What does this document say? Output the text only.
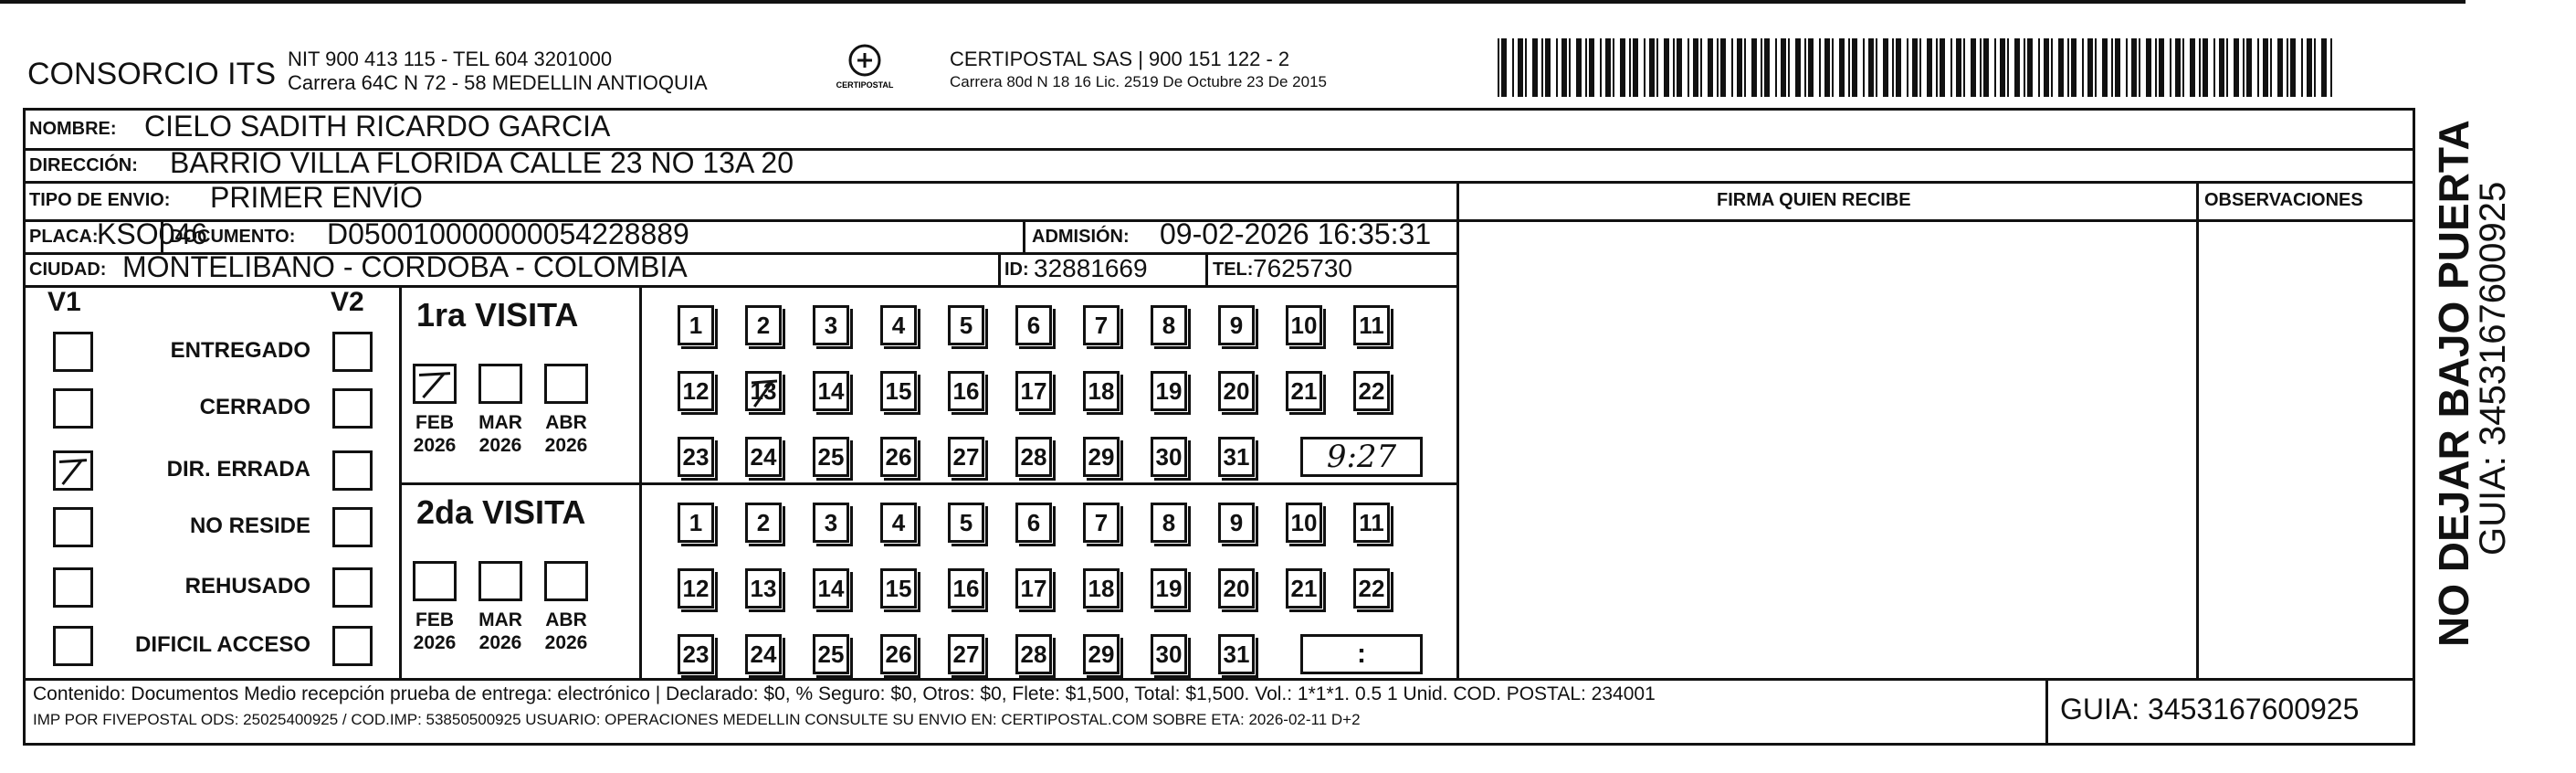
CONSORCIO ITS NIT 900 413 115 - TEL 604 3201000
Carrera 64C N 72 - 58 MEDELLIN ANTIOQUIA	CERTIPOSTAL
CERTIPOSTAL SAS | 900 151 122 - 2
Carrera 80d N 18 16 Lic. 2519 De Octubre 23 De 2015
NOMBRE: CIELO SADITH RICARDO GARCIA
DIRECCIÓN: BARRIO VILLA FLORIDA CALLE 23 NO 13A 20
TIPO DE ENVIO: PRIMER ENVÍO	FIRMA QUIEN RECIBE	OBSERVACIONES
PLACA:
KSO046
DOCUMENTO: D050010000000054228889	ADMISIÓN: 09-02-2026 16:35:31
CIUDAD: MONTELIBANO - CORDOBA - COLOMBIA	ID: 32881669	TEL: 7625730
V1	V2
ENTREGADO
CERRADO
DIR. ERRADA
NO RESIDE
REHUSADO
DIFICIL ACCESO
1ra VISITA
FEB
2026
MAR
2026
ABR
2026
1 2 3 4 5 6 7 8 9 10 11
12 13 14 15 16 17 18 19 20 21 22
23 24 25 26 27 28 29 30 31 9:27
2da VISITA
FEB
2026
MAR
2026
ABR
2026
1 2 3 4 5 6 7 8 9 10 11
12 13 14 15 16 17 18 19 20 21 22
23 24 25 26 27 28 29 30 31	:
Contenido: Documentos Medio recepción prueba de entrega: electrónico | Declarado: $0, % Seguro: $0, Otros: $0, Flete: $1,500, Total: $1,500. Vol.: 1*1*1. 0.5 1 Unid. COD. POSTAL: 234001
IMP POR FIVEPOSTAL ODS: 25025400925 / COD.IMP: 53850500925 USUARIO: OPERACIONES MEDELLIN CONSULTE SU ENVIO EN: CERTIPOSTAL.COM SOBRE ETA: 2026-02-11 D+2	GUIA: 3453167600925
NO DEJAR BAJO PUERTA
GUIA: 3453167600925
